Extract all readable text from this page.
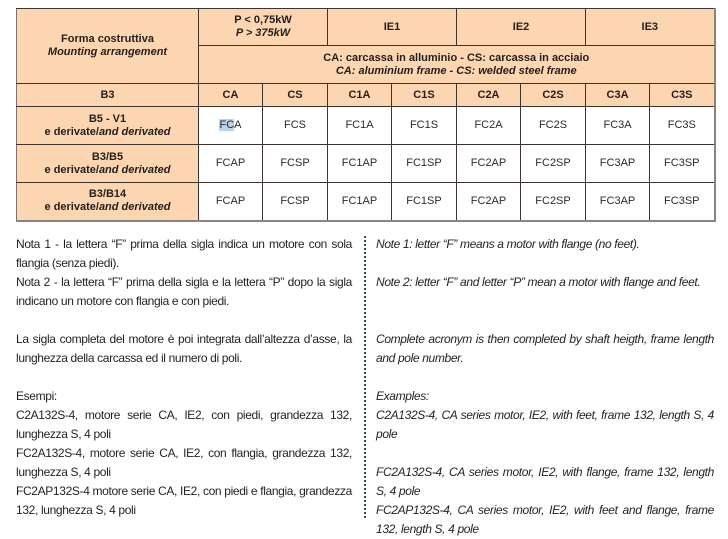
Forma costruttiva
Mounting arrangement

P < 0,75kW
P > 375kW
	IE1	IE2	IE3

	CA: carcassa in alluminio - CS: carcassa in acciaio
CA: aluminium frame - CS: welded steel frame							

B3	CA	CS	C1A	C1S	C2A	C2S	C3A	C3S

B5 - V1
e derivate/and derivated	FCA	FCS	FC1A	FC1S	FC2A	FC2S	FC3A	FC3S

B3/B5
e derivate/and derivated	FCAP	FCSP	FC1AP	FC1SP	FC2AP	FC2SP	FC3AP	FC3SP

B3/B14
e derivate/and derivated	FCAP	FCSP	FC1AP	FC1SP	FC2AP	FC2SP	FC3AP	FC3SP

Nota 1 - la lettera “F” prima della sigla indica un motore con sola flangia (senza piedi).

Nota 2 - la lettera “F” prima della sigla e la lettera “P” dopo la sigla indicano un motore con flangia e con piedi.

La sigla completa del motore è poi integrata dall’altezza d’asse, la lunghezza della carcassa ed il numero di poli.

Esempi:

C2A132S-4, motore serie CA, IE2, con piedi, grandezza 132, lunghezza S, 4 poli

FC2A132S-4, motore serie CA, IE2, con flangia, grandezza 132, lunghezza S, 4 poli

FC2AP132S-4 motore serie CA, IE2, con piedi e flangia, grandezza 132, lunghezza S, 4 poli

Note 1: letter “F” means a motor with flange (no feet).

Note 2: letter “F” and letter “P” mean a motor with flange and feet.

Complete acronym is then completed by shaft heigth, frame length and pole number.

Examples:

C2A132S-4, CA series motor, IE2, with feet, frame 132, length S, 4 pole

FC2A132S-4, CA series motor, IE2, with flange, frame 132, length S, 4 pole

FC2AP132S-4, CA series motor, IE2, with feet and flange, frame 132, length S, 4 pole
